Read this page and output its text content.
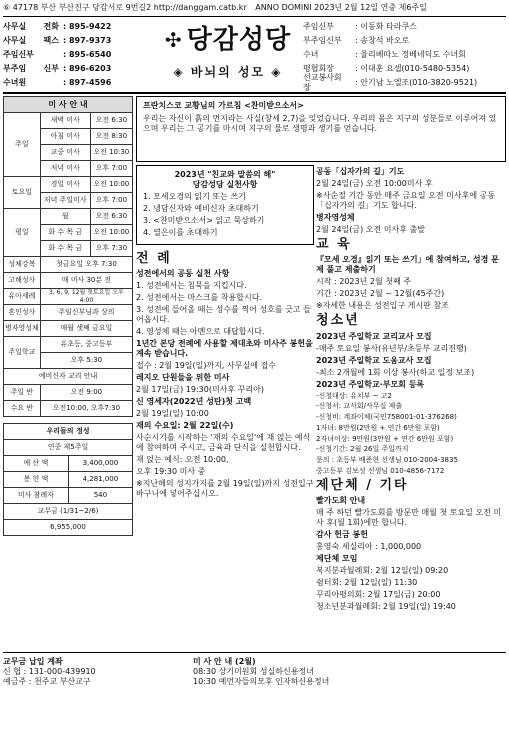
⑥ 47178 부산 부산진구 당감서로 9번길2 http://danggam.catb.kr ANNO DOMINI 2023년 2월 12일 연중 제6주일
사무실 전화 : 895-9422
사무실 팩스 : 897-9373
주임신부	: 895-6540
부주임 신부 : 896-6203
수녀원	: 897-4596
✣ 당감성당
◈ 바뇌의 성모 ◈
주임신부	: 이동화 타라쿠스
부주임신부	: 송창석 바오로
수녀	: 율리베따노 정베네딕도 수녀회
평협회장	: 이대훈 요셉(010-5480-5354)
선교봉사회장
: 안기남 노엘조(010-3820-9521)
미 사 안 내		
주일	새벽 미사	오전 6:30
	아침 미사	오전 8:30
	교중 미사	오전 10:30
	저녁 미사	오후 7:00
토요일	경일 미사	오전 10:00
	저녁 주일미사	오후 7:00
평일	월	오전 6:30
	화 수 목 금	오전 10:00
	화 수 목 금	오후 7:30
성체강복	첫금요일 오후 7:30	
고해성사	매 미사 30분 전	
유아세례	3, 6, 9, 12월 첫토요일 오후 4:00	
혼인성사	주임신부님과 상의	
병자영성체	매월 셋째 금요일	
주일학교	유초등, 중고등부	
	오후 5:30	
예비신자 교리 안내		
주일 반	오전 9:00	
수요 반	오전10:00, 오후7:30	
우리들의 정성	
연중 제5주일	
예 산 액	3,400,000
봉 헌 액	4,281,000
미사 참례자	540
교무금 (1/31~2/6)	
6,955,000	
프란치스코 교황님의 가르침 <찬미받으소서>
우리는 자신이 흙의 먼지라는 사실(창세 2,7)을 잊었습니다. 우리의 몸은 지구의 성분들로 이루어져 있으며 우리는 그 공기를 마시며 지구의 물로 생명과 생기를 얻습니다.
2023년 "친교와 말씀의 해"
당감성당 실천사항
1. 모세오경의 읽기 또는 쓰기
2. 냉담신자와 예비신자 초대하기
3. <찬미받으소서> 읽고 묵상하기
4. 열은이를 초대하기
전 례
성전에서의 공동 실천 사항
1. 성전에서는 침묵을 지킵시다.
2. 성전에서는 마스크를 착용합시다.
3. 성전에 들어올 때는 성수를 찍어 성호를 긋고 들어옵시다.
4. 영성체 때는 아멘으로 대답합시다.
1년간 본당 전례에 사용할 제대초와 미사주 봉헌을 계속 받습니다.
접수 : 2월 19일(일)까지, 사무실에 접수
레지오 단원들을 위한 미사
2월 17일(금) 19:30(미사후 꾸리아)
신 영세자(2022년 성탄)첫 고백
2월 19일(일) 10:00
재의 수요일: 2월 22일(수)
사순시기를 시작하는 '재의 수요일'에 재 얹는 예식에 참여하며 주시고, 금육과 단식을 실천합시다.
재 얹는 예식: 오전 10:00,
오후 19:30 미사 중
※지난해의 성지가지를 2월 19일(일)까지 성전입구 바구니에 넣어주십시오.
공동「십자가의 길」기도
2월 24일(금) 오전 10:00미사 후
※사순절 기간 동안 매주 금요일 오전 미사후에 공동「십자가의 길」기도 합니다.
병자영성체
2월 24일(금) 오전 미사후 출발
교 육
『모세 오경』읽기 또는 쓰기」에 참여하고, 성경 문제 풀고 제출하기
시작 : 2023년 2월 첫째 주
기간 : 2023년 2월 ~ 12월(45주간)
※자세한 내용은 성전입구 게시판 참조
청소년
2023년 주일학교 교리교사 모집
-매주 토요일 봉사(유년부/초등부 교리진행)
2023년 주일학교 도움교사 모집
-최소 2개월에 1회 이상 봉사(하교 일정 보조)
2023년 주일학교·부모회 등록
-신청대상: 유치부 ~ 고2
-신청서: 교사회/사무실 제출
-신청비: 계좌이체(국민758001-01-376268)
1자녀: 8만원(2만원 + 연간 6만원 포함)
2자녀이상: 9만원(3만원 + 연간 6만원 포함)
-신청기간: 2월 26일 주일까지
문의 : 초등부 배준현 선생님 010-2004-3835
중고등부 김보성 선생님 010-4856-7172
제단체 / 기타
빨가도회 안내
매 주 하던 빨가도회를 방문만 매월 첫 토요일 오전 미사 후(월 1회)에만 합니다.
감사 헌금 봉헌
홍영숙 세실리아 : 1,000,000
제단체 모임
복지분과월례회: 2월 12일(일) 09:20
쉼터회: 2월 12일(일) 11:30
꾸리아평의회: 2월 17일(금) 20:00
청소년분과월례회: 2월 19일(일) 19:40
교무금 납입 계좌
신 협 : 131-000-439910
예금주 : 천주교 부산교구
미 사 안 내 (2월)
08:30 상기미원회 성실하신용정녀
10:30 예언자들의모후 인자하신용정녀
